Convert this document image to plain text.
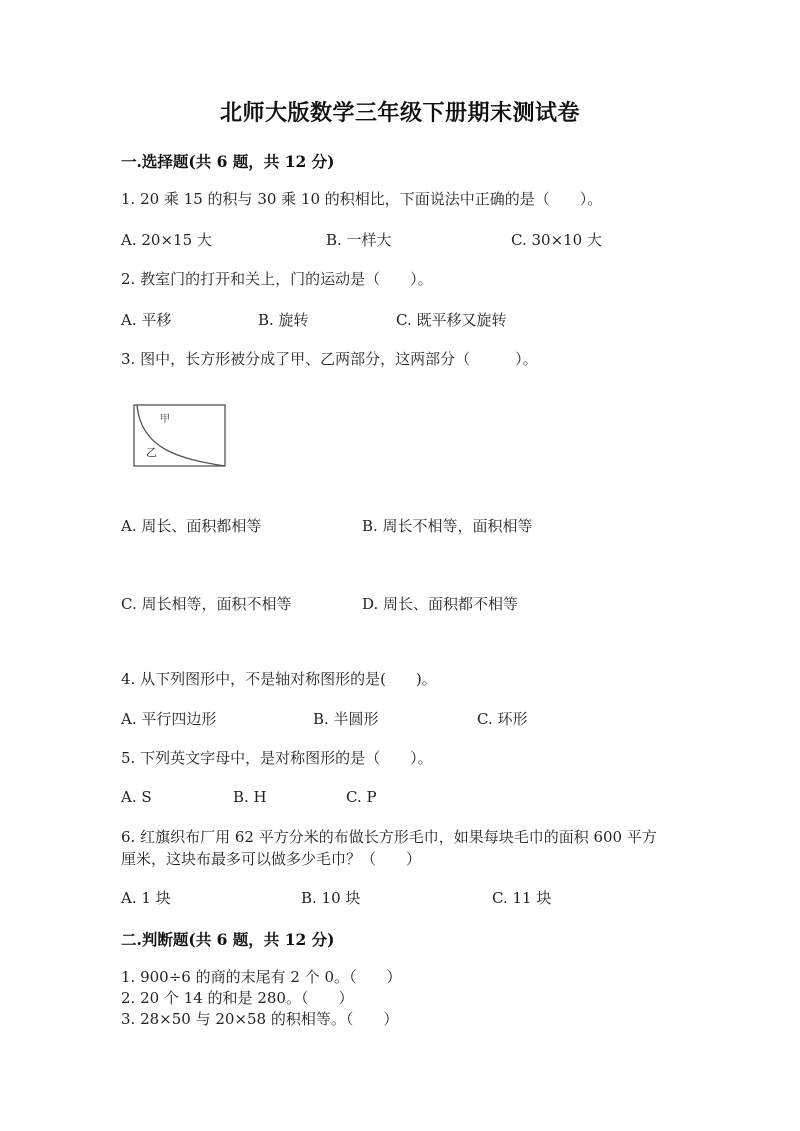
北师大版数学三年级下册期末测试卷
一.选择题(共 6 题，共 12 分)
1. 20 乘 15 的积与 30 乘 10 的积相比，下面说法中正确的是（　　）。
A. 20×15 大	B. 一样大	C. 30×10 大
2. 教室门的打开和关上，门的运动是（　　）。
A. 平移	B. 旋转	C. 既平移又旋转
3. 图中，长方形被分成了甲、乙两部分，这两部分（　　　）。
甲
乙
A. 周长、面积都相等	B. 周长不相等，面积相等
C. 周长相等，面积不相等	D. 周长、面积都不相等
4. 从下列图形中，不是轴对称图形的是(　　)。
A. 平行四边形	B. 半圆形	C. 环形
5. 下列英文字母中，是对称图形的是（　　）。
A. S	B. H	C. P
6. 红旗织布厂用 62 平方分米的布做长方形毛巾，如果每块毛巾的面积 600 平方
厘米，这块布最多可以做多少毛巾？（　　）
A. 1 块	B. 10 块	C. 11 块
二.判断题(共 6 题，共 12 分)
1. 900÷6 的商的末尾有 2 个 0。（　　）
2. 20 个 14 的和是 280。（　　）
3. 28×50 与 20×58 的积相等。（　　）
